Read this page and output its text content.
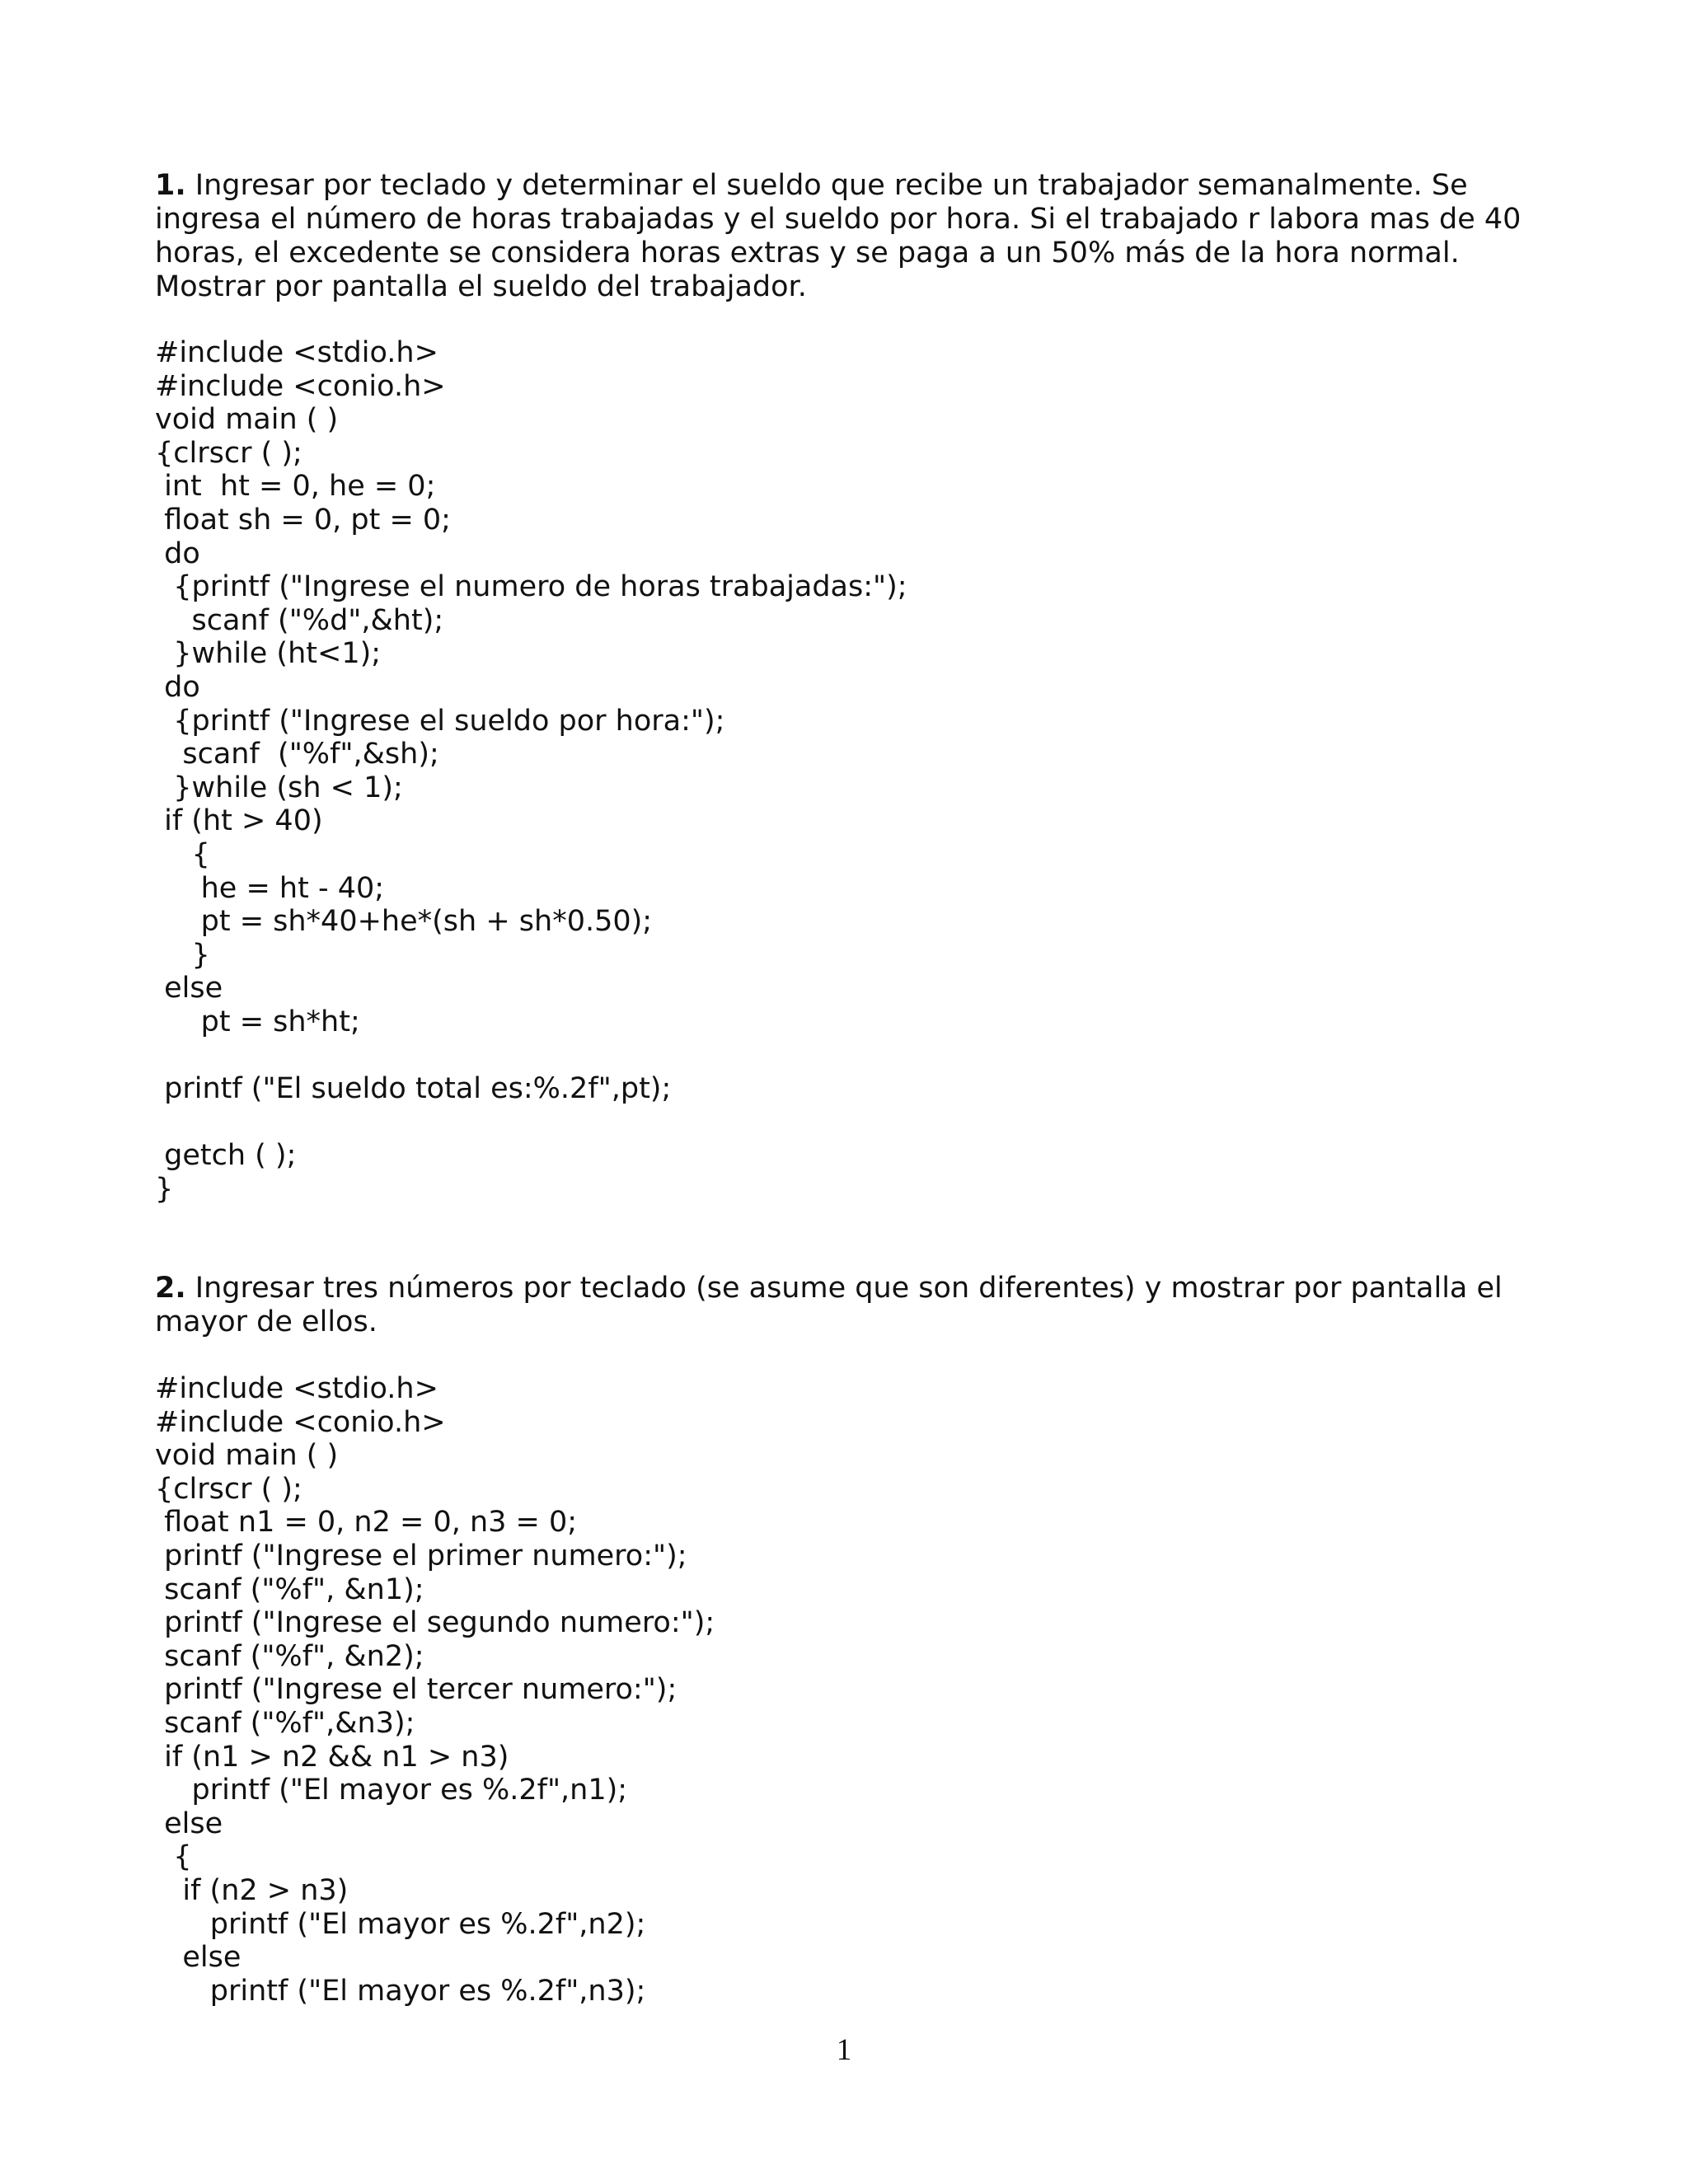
1. Ingresar por teclado y determinar el sueldo que recibe un trabajador semanalmente. Se ingresa el número de horas trabajadas y el sueldo por hora. Si el trabajado r labora mas de 40 horas, el excedente se considera horas extras y se paga a un 50% más de la hora normal. Mostrar por pantalla el sueldo del trabajador.

#include <stdio.h>
#include <conio.h>
void main ( )
{clrscr ( );
int  ht = 0, he = 0;
float sh = 0, pt = 0;
do
{printf ("Ingrese el numero de horas trabajadas:");
scanf ("%d",&ht);
}while (ht<1);
do
{printf ("Ingrese el sueldo por hora:");
scanf  ("%f",&sh);
}while (sh < 1);
if (ht > 40)
{
he = ht - 40;
pt = sh*40+he*(sh + sh*0.50);
}
else
pt = sh*ht;
printf ("El sueldo total es:%.2f",pt);
getch ( );
}

2. Ingresar tres números por teclado (se asume que son diferentes) y mostrar por pantalla el mayor de ellos.

#include <stdio.h>
#include <conio.h>
void main ( )
{clrscr ( );
float n1 = 0, n2 = 0, n3 = 0;
printf ("Ingrese el primer numero:");
scanf ("%f", &n1);
printf ("Ingrese el segundo numero:");
scanf ("%f", &n2);
printf ("Ingrese el tercer numero:");
scanf ("%f",&n3);
if (n1 > n2 && n1 > n3)
printf ("El mayor es %.2f",n1);
else
{
if (n2 > n3)
printf ("El mayor es %.2f",n2);
else
printf ("El mayor es %.2f",n3);
1
